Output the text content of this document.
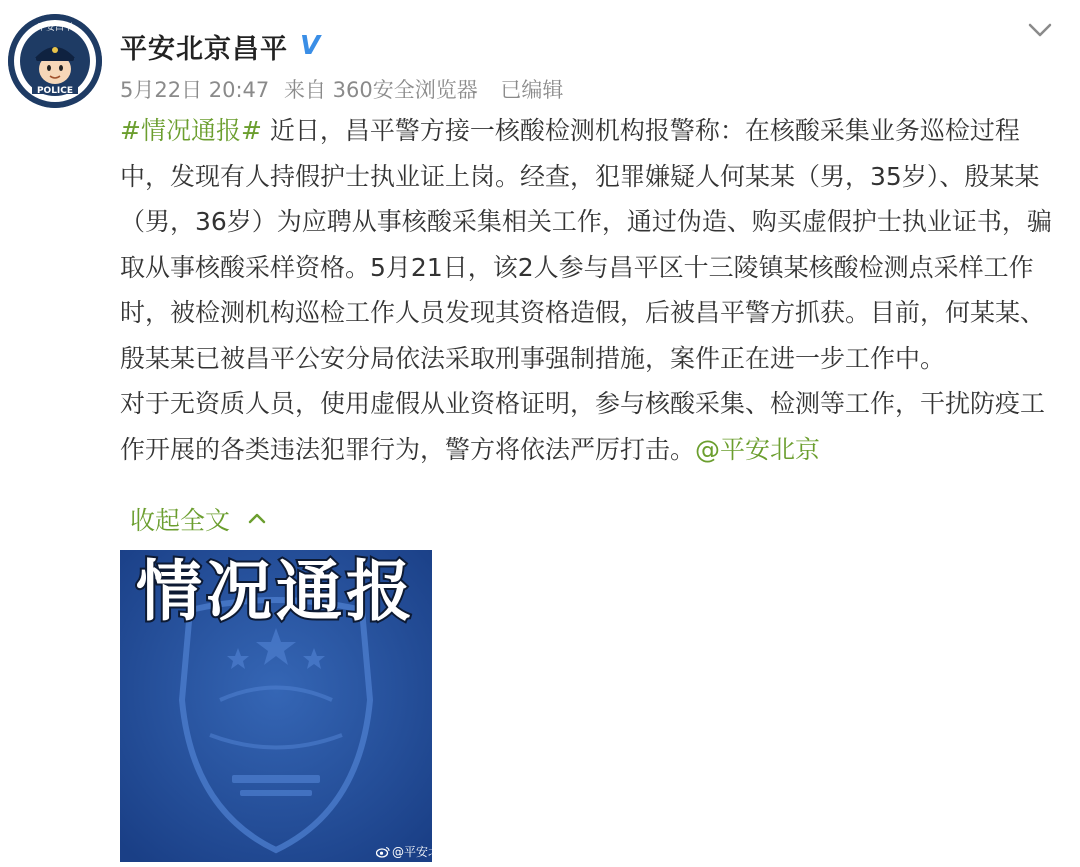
POLICE
平安昌平
平安北京昌平 V
5月22日 20:47 来自 360安全浏览器 已编辑

#情况通报# 近日，昌平警方接一核酸检测机构报警称：在核酸采集业务巡检过程中，发现有人持假护士执业证上岗。经查，犯罪嫌疑人何某某（男，35岁）、殷某某（男，36岁）为应聘从事核酸采集相关工作，通过伪造、购买虚假护士执业证书，骗取从事核酸采样资格。5月21日，该2人参与昌平区十三陵镇某核酸检测点采样工作时，被检测机构巡检工作人员发现其资格造假，后被昌平警方抓获。目前，何某某、殷某某已被昌平公安分局依法采取刑事强制措施，案件正在进一步工作中。

对于无资质人员，使用虚假从业资格证明，参与核酸采集、检测等工作，干扰防疫工作开展的各类违法犯罪行为，警方将依法严厉打击。@平安北京

收起全文
情况通报
@平安北
